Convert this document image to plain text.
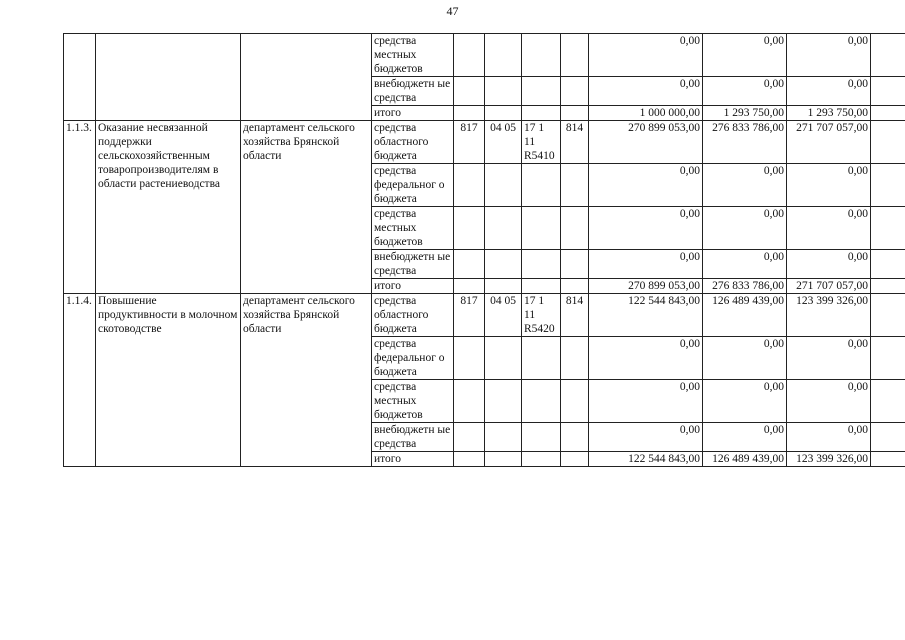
47
			средства местных бюджетов					0,00	0,00	0,00	
			внебюджетн ые средства					0,00	0,00	0,00	
			итого					1 000 000,00	1 293 750,00	1 293 750,00	
1.1.3.	Оказание несвязанной поддержки сельскохозяйственным товаропроизводителям в области растениеводства	департамент сельского хозяйства Брянской области	средства областного бюджета	817	04 05	17 1 11 R5410	814	270 899 053,00	276 833 786,00	271 707 057,00	
			средства федеральног о бюджета					0,00	0,00	0,00	
			средства местных бюджетов					0,00	0,00	0,00	
			внебюджетн ые средства					0,00	0,00	0,00	
			итого					270 899 053,00	276 833 786,00	271 707 057,00	
1.1.4.	Повышение продуктивности в молочном скотоводстве	департамент сельского хозяйства Брянской области	средства областного бюджета	817	04 05	17 1 11 R5420	814	122 544 843,00	126 489 439,00	123 399 326,00	
			средства федеральног о бюджета					0,00	0,00	0,00	
			средства местных бюджетов					0,00	0,00	0,00	
			внебюджетн ые средства					0,00	0,00	0,00	
			итого					122 544 843,00	126 489 439,00	123 399 326,00	
